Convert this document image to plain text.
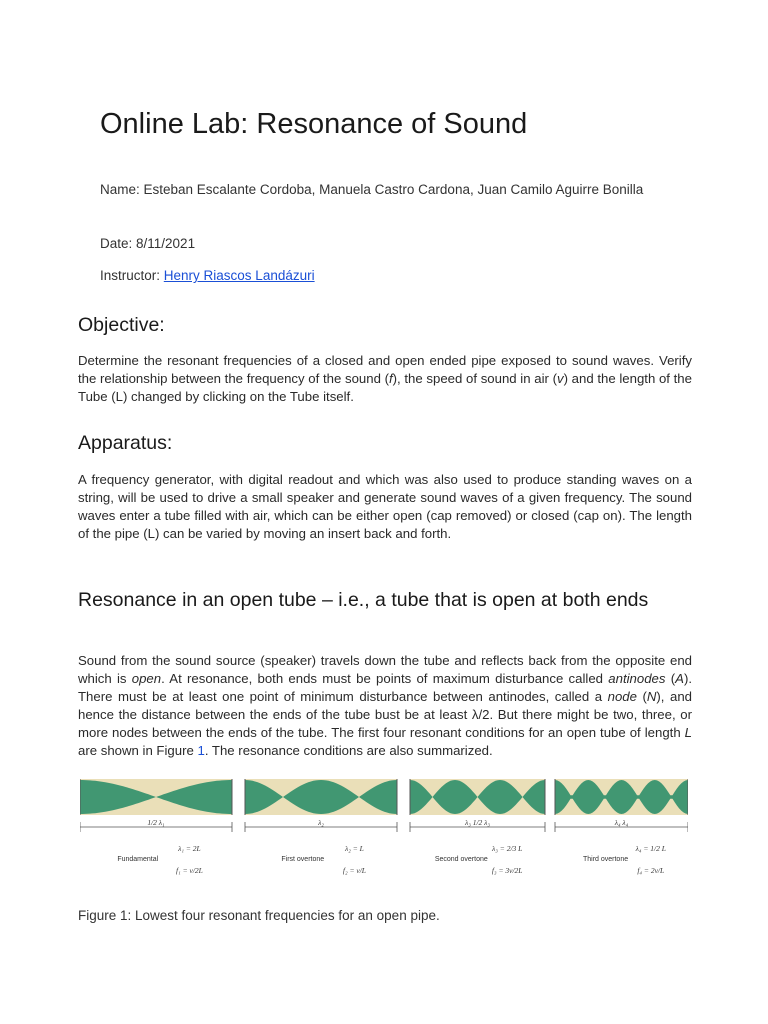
Online Lab: Resonance of Sound
Name: Esteban Escalante Cordoba, Manuela Castro Cardona, Juan Camilo Aguirre Bonilla
Date: 8/11/2021
Instructor: Henry Riascos Landázuri
Objective:
Determine the resonant frequencies of a closed and open ended pipe exposed to sound waves. Verify the relationship between the frequency of the sound (f), the speed of sound in air (v) and the length of the Tube (L) changed by clicking on the Tube itself.
Apparatus:
A frequency generator, with digital readout and which was also used to produce standing waves on a string, will be used to drive a small speaker and generate sound waves of a given frequency. The sound waves enter a tube filled with air, which can be either open (cap removed) or closed (cap on). The length of the pipe (L) can be varied by moving an insert back and forth.
Resonance in an open tube – i.e., a tube that is open at both ends
Sound from the sound source (speaker) travels down the tube and reflects back from the opposite end which is open. At resonance, both ends must be points of maximum disturbance called antinodes (A). There must be at least one point of minimum disturbance between antinodes, called a node (N), and hence the distance between the ends of the tube bust be at least λ/2. But there might be two, three, or more nodes between the ends of the tube. The first four resonant conditions for an open tube of length L are shown in Figure 1. The resonance conditions are also summarized.
1/2 λ₁
Fundamental
λ₁ = 2L
f₁ = v/2L
λ₂
First overtone
λ₂ = L
f₂ = v/L
λ₃ 1/2 λ₃
Second overtone
λ₃ = 2/3 L
f₃ = 3v/2L
λ₄ λ₄
Third overtone
λ₄ = 1/2 L
f₄ = 2v/L
Figure 1: Lowest four resonant frequencies for an open pipe.
